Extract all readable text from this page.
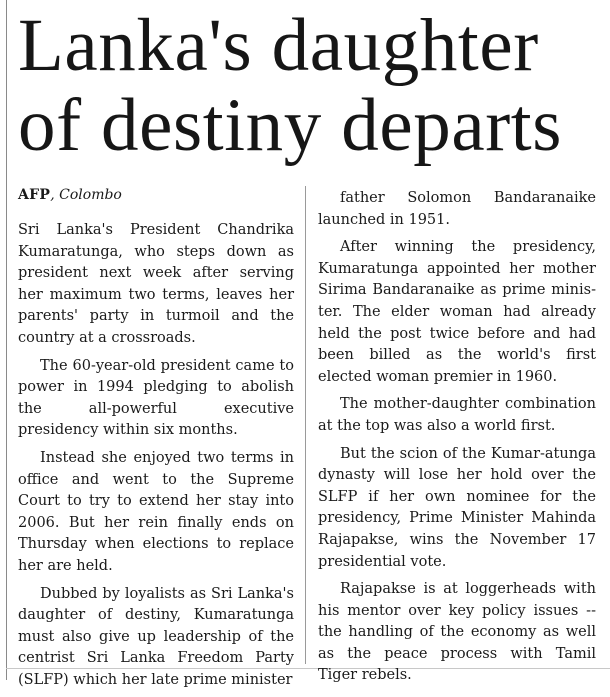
Lanka's daughter
of destiny departs
AFP, Colombo

Sri Lanka's President Chandrika Kumaratunga, who steps down as president next week after serving her maximum two terms, leaves her parents' party in turmoil and the country at a crossroads.

The 60-year-old president came to power in 1994 pledging to abolish the all-powerful executive presidency within six months.

Instead she enjoyed two terms in office and went to the Supreme Court to try to extend her stay into 2006. But her rein finally ends on Thursday when elections to replace her are held.

Dubbed by loyalists as Sri Lanka's daughter of destiny, Kumaratunga must also give up leadership of the centrist Sri Lanka Freedom Party (SLFP) which her late prime minister

father Solomon Bandaranaike launched in 1951.

After winning the presidency, Kumaratunga appointed her mother Sirima Bandaranaike as prime minister. The elder woman had already held the post twice before and had been billed as the world's first elected woman premier in 1960.

The mother-daughter combination at the top was also a world first.

But the scion of the Kumar-atunga dynasty will lose her hold over the SLFP if her own nominee for the presidency, Prime Minister Mahinda Rajapakse, wins the November 17 presidential vote.

Rajapakse is at loggerheads with his mentor over key policy issues -- the handling of the economy as well as the peace process with Tamil Tiger rebels.
